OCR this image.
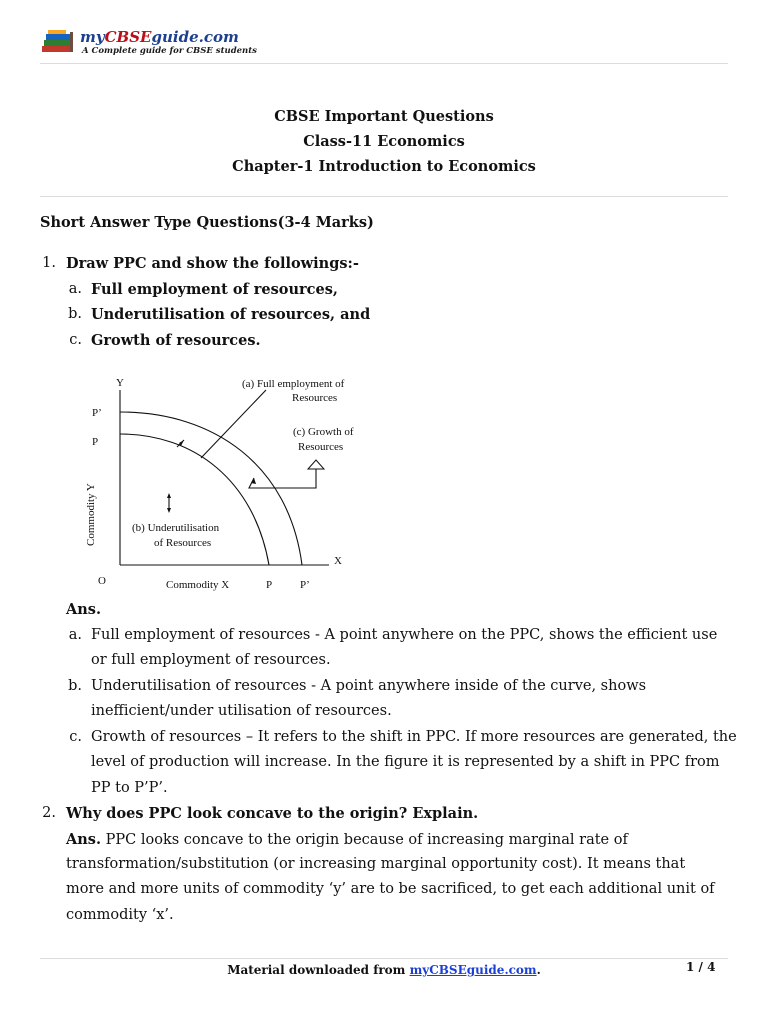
myCBSEguide.com
A Complete guide for CBSE students
CBSE Important Questions
Class-11 Economics
Chapter-1 Introduction to Economics
Short Answer Type Questions(3-4 Marks)
1. Draw PPC and show the followings:-
a. Full employment of resources,
b. Underutilisation of resources, and
c. Growth of resources.
Y
X
O
P’
P
P	P’
Commodity X
Commodity Y
(a) Full employment of
Resources
(c) Growth of
Resources
(b) Underutilisation
of Resources
Ans.
a. Full employment of resources - A point anywhere on the PPC, shows the efficient use
or full employment of resources.
b. Underutilisation of resources - A point anywhere inside of the curve, shows
inefficient/under utilisation of resources.
c. Growth of resources – It refers to the shift in PPC. If more resources are generated, the
level of production will increase. In the figure it is represented by a shift in PPC from
PP to P’P’.
2. Why does PPC look concave to the origin? Explain.
Ans. PPC looks concave to the origin because of increasing marginal rate of
transformation/substitution (or increasing marginal opportunity cost). It means that
more and more units of commodity ‘y’ are to be sacrificed, to get each additional unit of
commodity ‘x’.
Material downloaded from myCBSEguide.com.	1 / 4
